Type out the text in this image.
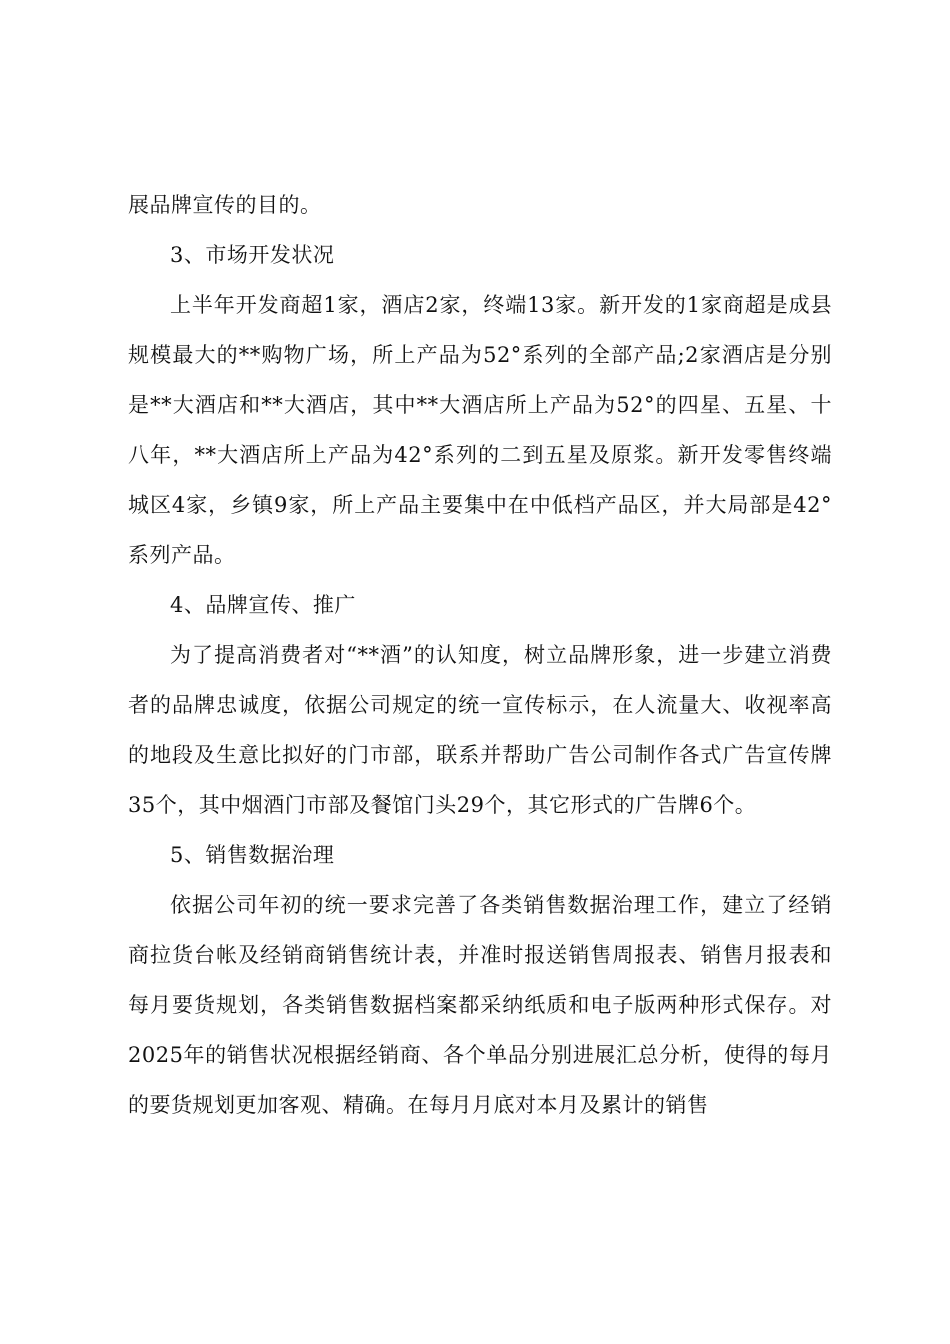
展品牌宣传的目的。

3、市场开发状况

上半年开发商超1家，酒店2家，终端13家。新开发的1家商超是成县规模最大的**购物广场，所上产品为52°系列的全部产品;2家酒店是分别是**大酒店和**大酒店，其中**大酒店所上产品为52°的四星、五星、十八年，**大酒店所上产品为42°系列的二到五星及原浆。新开发零售终端城区4家，乡镇9家，所上产品主要集中在中低档产品区，并大局部是42°系列产品。

4、品牌宣传、推广

为了提高消费者对“**酒”的认知度，树立品牌形象，进一步建立消费者的品牌忠诚度，依据公司规定的统一宣传标示，在人流量大、收视率高的地段及生意比拟好的门市部，联系并帮助广告公司制作各式广告宣传牌35个，其中烟酒门市部及餐馆门头29个，其它形式的广告牌6个。

5、销售数据治理

依据公司年初的统一要求完善了各类销售数据治理工作，建立了经销商拉货台帐及经销商销售统计表，并准时报送销售周报表、销售月报表和每月要货规划，各类销售数据档案都采纳纸质和电子版两种形式保存。对2025年的销售状况根据经销商、各个单品分别进展汇总分析，使得的每月的要货规划更加客观、精确。在每月月底对本月及累计的销售
